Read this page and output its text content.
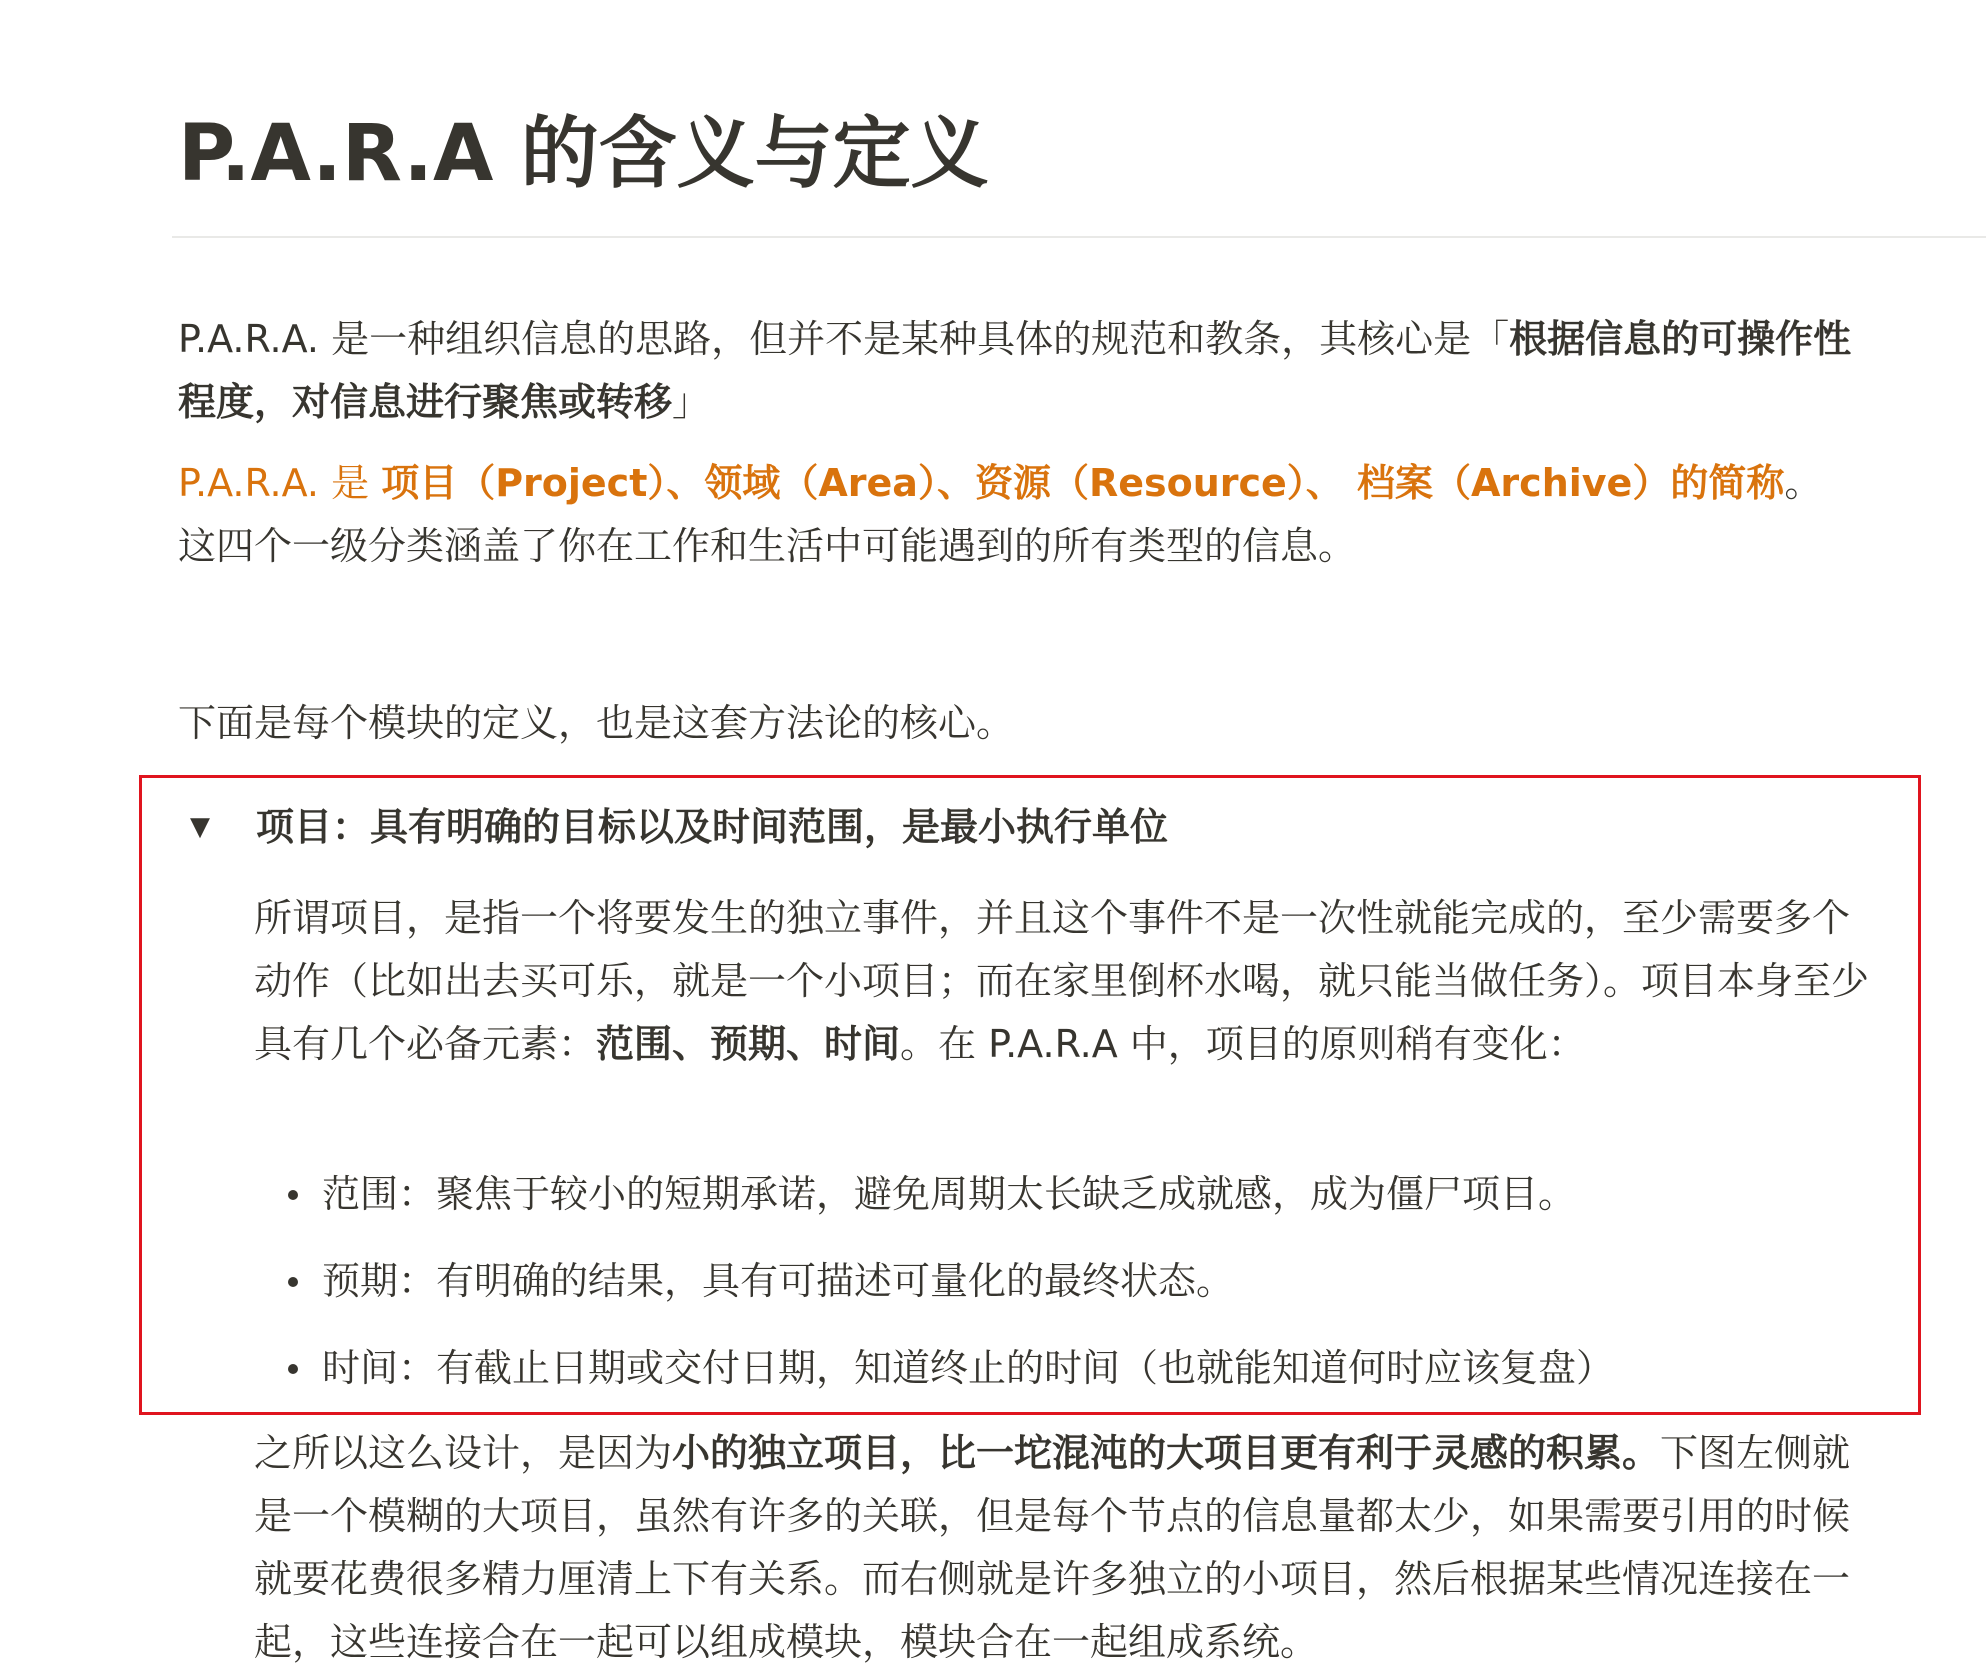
P.A.R.A 的含义与定义
P.A.R.A. 是一种组织信息的思路，但并不是某种具体的规范和教条，其核心是「根据信息的可操作性程度，对信息进行聚焦或转移」
P.A.R.A. 是 项目（Project）、领域（Area）、资源（Resource）、 档案（Archive）的简称。这四个一级分类涵盖了你在工作和生活中可能遇到的所有类型的信息。
下面是每个模块的定义，也是这套方法论的核心。
▼	项目：具有明确的目标以及时间范围，是最小执行单位
所谓项目，是指一个将要发生的独立事件，并且这个事件不是一次性就能完成的，至少需要多个动作（比如出去买可乐，就是一个小项目；而在家里倒杯水喝，就只能当做任务）。项目本身至少具有几个必备元素：范围、预期、时间。在 P.A.R.A 中，项目的原则稍有变化：
范围：聚焦于较小的短期承诺，避免周期太长缺乏成就感，成为僵尸项目。
预期：有明确的结果，具有可描述可量化的最终状态。
时间：有截止日期或交付日期，知道终止的时间（也就能知道何时应该复盘）
之所以这么设计，是因为小的独立项目，比一坨混沌的大项目更有利于灵感的积累。下图左侧就是一个模糊的大项目，虽然有许多的关联，但是每个节点的信息量都太少，如果需要引用的时候就要花费很多精力厘清上下有关系。而右侧就是许多独立的小项目，然后根据某些情况连接在一起，这些连接合在一起可以组成模块，模块合在一起组成系统。
